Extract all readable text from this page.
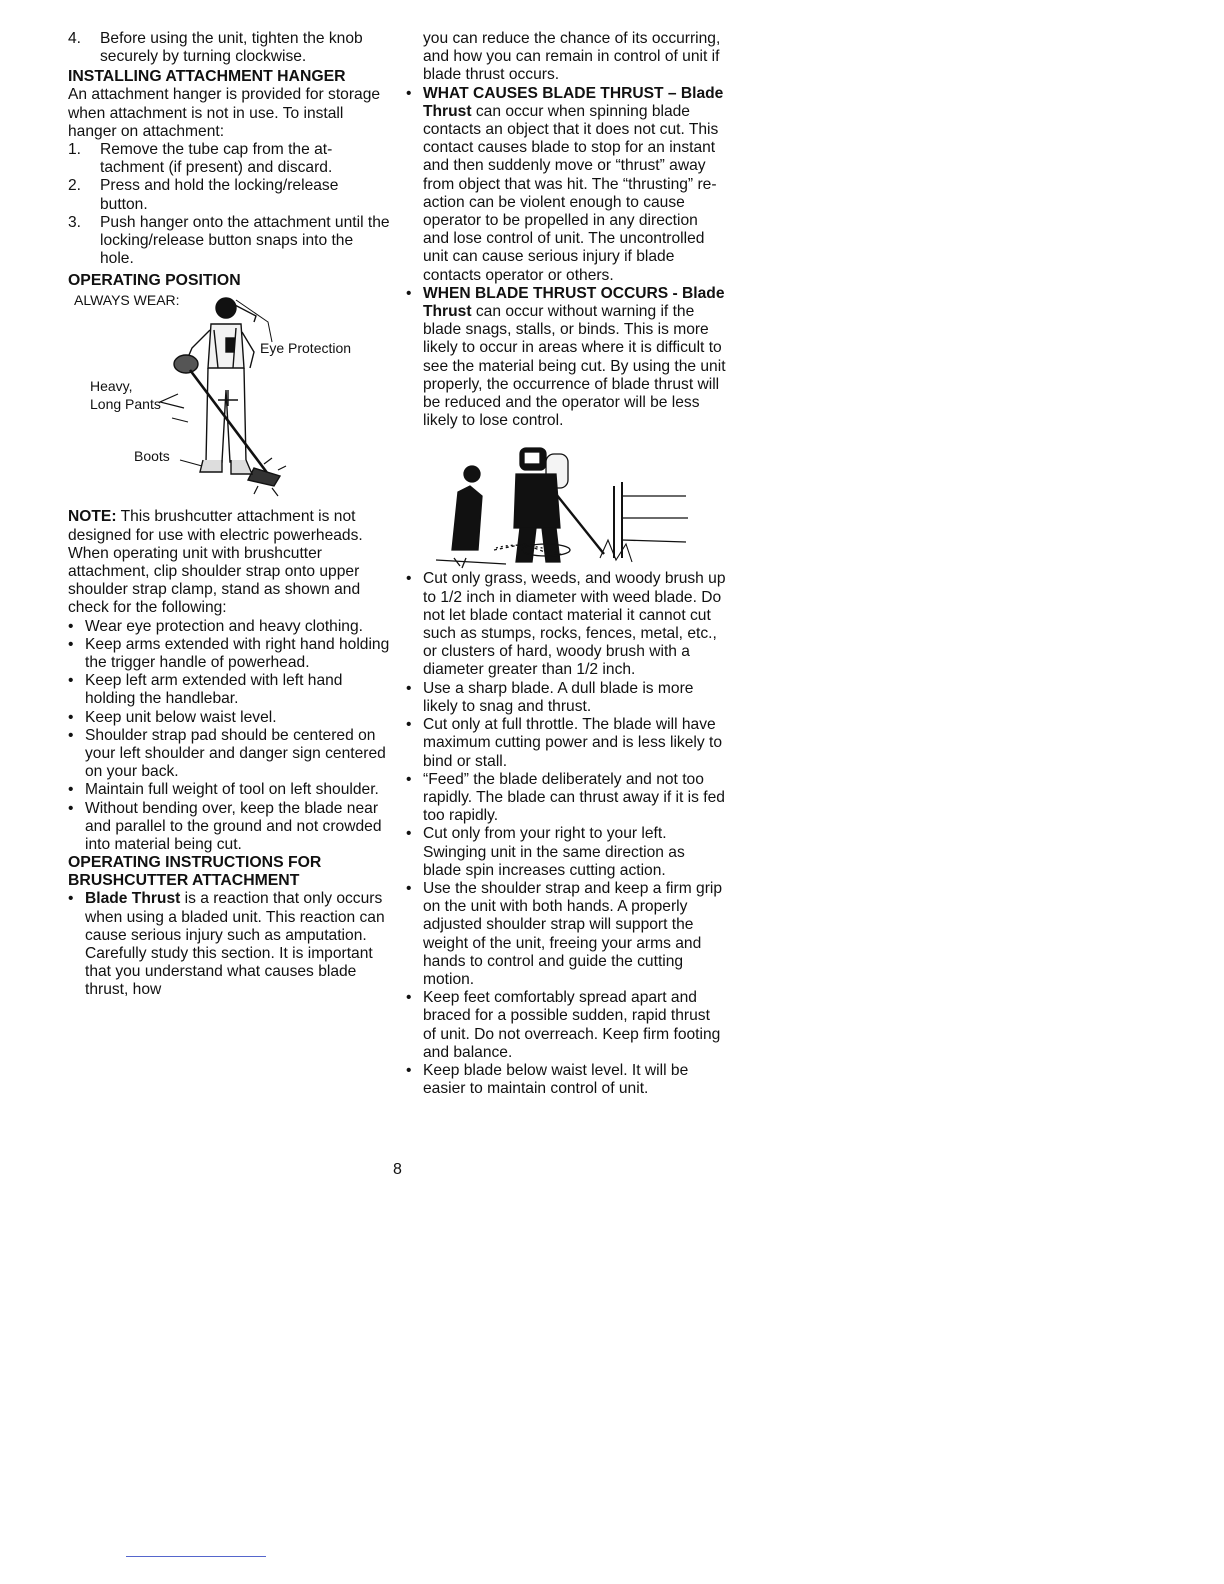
4. Before using the unit, tighten the knob securely by turning clockwise.

INSTALLING ATTACHMENT HANGER

An attachment hanger is provided for storage when attachment is not in use. To install hanger on attachment:

1. Remove the tube cap from the attachment (if present) and discard.

2. Press and hold the locking/release button.

3. Push hanger onto the attachment until the locking/release button snaps into the hole.

OPERATING POSITION

ALWAYS WEAR:
Eye Protection
Heavy,
Long Pants
Boots

NOTE: This brushcutter attachment is not designed for use with electric powerheads.

When operating unit with brushcutter attachment, clip shoulder strap onto upper shoulder strap clamp, stand as shown and check for the following:

• Wear eye protection and heavy clothing.

• Keep arms extended with right hand holding the trigger handle of powerhead.

• Keep left arm extended with left hand holding the handlebar.

• Keep unit below waist level.

• Shoulder strap pad should be centered on your left shoulder and danger sign centered on your back.

• Maintain full weight of tool on left shoulder.

• Without bending over, keep the blade near and parallel to the ground and not crowded into material being cut.

OPERATING INSTRUCTIONS FOR BRUSHCUTTER ATTACHMENT

• Blade Thrust is a reaction that only occurs when using a bladed unit. This reaction can cause serious injury such as amputation. Carefully study this section. It is important that you understand what causes blade thrust, how

you can reduce the chance of its occurring, and how you can remain in control of unit if blade thrust occurs.

• WHAT CAUSES BLADE THRUST – Blade Thrust can occur when spinning blade contacts an object that it does not cut. This contact causes blade to stop for an instant and then suddenly move or “thrust” away from object that was hit. The “thrusting” reaction can be violent enough to cause operator to be propelled in any direction and lose control of unit. The uncontrolled unit can cause serious injury if blade contacts operator or others.

• WHEN BLADE THRUST OCCURS - Blade Thrust can occur without warning if the blade snags, stalls, or binds. This is more likely to occur in areas where it is difficult to see the material being cut. By using the unit properly, the occurrence of blade thrust will be reduced and the operator will be less likely to lose control.

• Cut only grass, weeds, and woody brush up to 1/2 inch in diameter with weed blade. Do not let blade contact material it cannot cut such as stumps, rocks, fences, metal, etc., or clusters of hard, woody brush with a diameter greater than 1/2 inch.

• Use a sharp blade. A dull blade is more likely to snag and thrust.

• Cut only at full throttle. The blade will have maximum cutting power and is less likely to bind or stall.

• “Feed” the blade deliberately and not too rapidly. The blade can thrust away if it is fed too rapidly.

• Cut only from your right to your left. Swinging unit in the same direction as blade spin increases cutting action.

• Use the shoulder strap and keep a firm grip on the unit with both hands. A properly adjusted shoulder strap will support the weight of the unit, freeing your arms and hands to control and guide the cutting motion.

• Keep feet comfortably spread apart and braced for a possible sudden, rapid thrust of unit. Do not overreach. Keep firm footing and balance.

• Keep blade below waist level. It will be easier to maintain control of unit.

8
